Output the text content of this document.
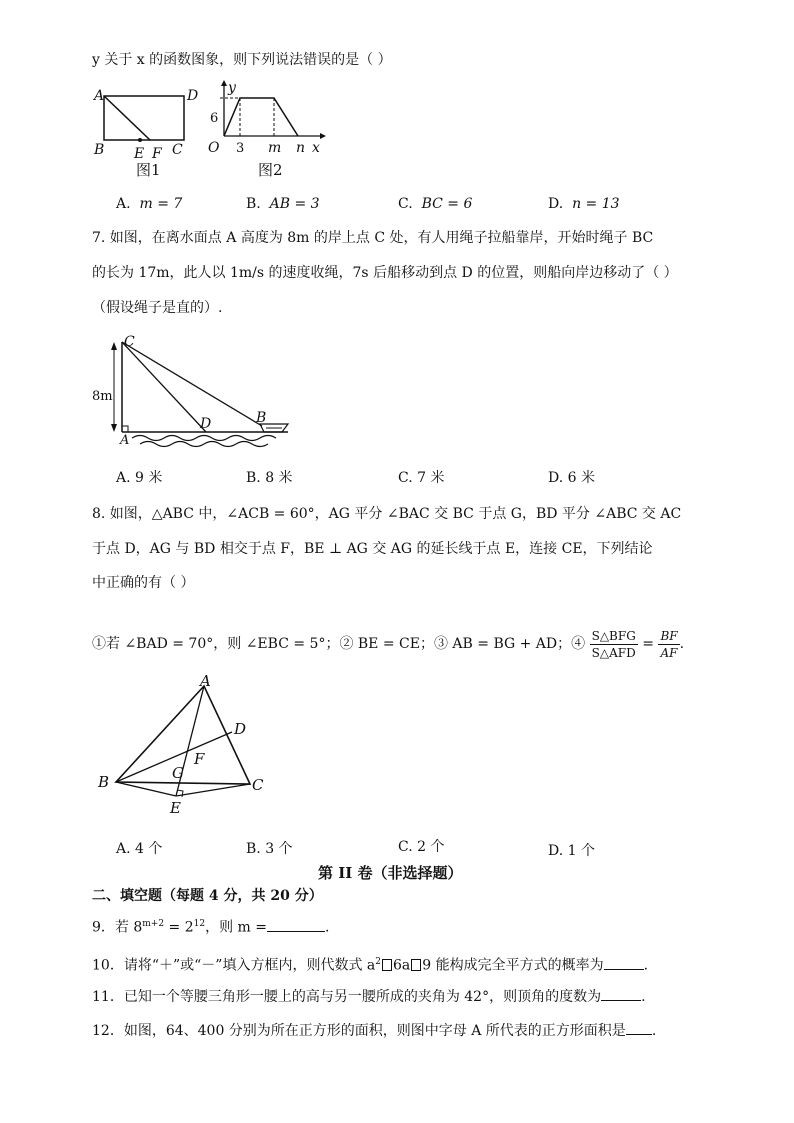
y 关于 x 的函数图象，则下列说法错误的是（ ）
A	D
B E F C
图1
y
6
O 3 m n x
图2
A. m = 7	B. AB = 3	C. BC = 6	D. n = 13
7. 如图，在离水面点 A 高度为 8m 的岸上点 C 处，有人用绳子拉船靠岸，开始时绳子 BC
的长为 17m，此人以 1m/s 的速度收绳，7s 后船移动到点 D 的位置，则船向岸边移动了（ ）
（假设绳子是直的）.
C
8m
D	B
A
A. 9 米	B. 8 米	C. 7 米	D. 6 米
8. 如图，△ABC 中，∠ACB = 60°，AG 平分 ∠BAC 交 BC 于点 G，BD 平分 ∠ABC 交 AC
于点 D，AG 与 BD 相交于点 F，BE ⊥ AG 交 AG 的延长线于点 E，连接 CE，下列结论
中正确的有（ ）
①若 ∠BAD = 70°，则 ∠EBC = 5°；② BE = CE；③ AB = BG + AD；④ $\frac{\text{S△BFG}}{\text{S△AFD}} = \frac{BF}{AF}$ .
A
D
F
G
B	C
E
A. 4 个	B. 3 个	C. 2 个	D. 1 个
第 II 卷（非选择题）
二、填空题（每题 4 分，共 20 分）
9．若 $8^{m+2} = 2^{12}$，则 m =	.
10．请将“＋”或“－”填入方框内，则代数式 $a^2$ 6a 9 能构成完全平方式的概率为	.
11．已知一个等腰三角形一腰上的高与另一腰所成的夹角为 42°，则顶角的度数为	.
12．如图，64、400 分别为所在正方形的面积，则图中字母 A 所代表的正方形面积是 .
